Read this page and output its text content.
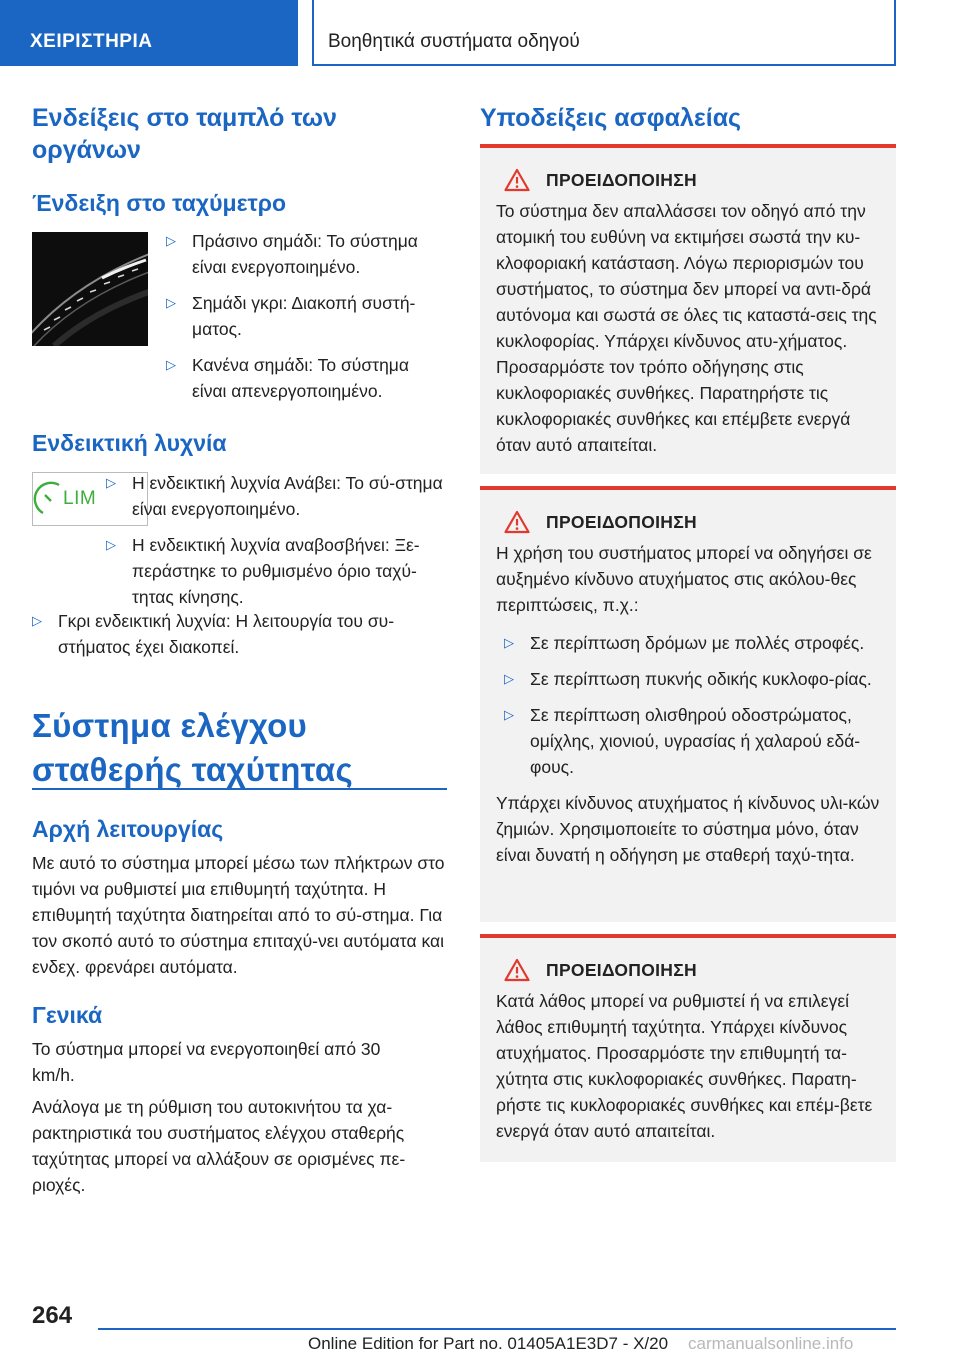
ΧΕΙΡΙΣΤΗΡΙΑ	Βοηθητικά συστήματα οδηγού
Ενδείξεις στο ταμπλό των οργάνων
Ένδειξη στο ταχύμετρο
▷ Πράσινο σημάδι: Το σύστημα είναι ενεργοποιημένο.
▷ Σημάδι γκρι: Διακοπή συστή-ματος.
▷ Κανένα σημάδι: Το σύστημα είναι απενεργοποιημένο.
Ενδεικτική λυχνία
LIM
▷ Η ενδεικτική λυχνία Ανάβει: Το σύ-στημα είναι ενεργοποιημένο.
▷ Η ενδεικτική λυχνία αναβοσβήνει: Ξε-περάστηκε το ρυθμισμένο όριο ταχύ-τητας κίνησης.
▷ Γκρι ενδεικτική λυχνία: Η λειτουργία του συ-στήματος έχει διακοπεί.
Σύστημα ελέγχου σταθερής ταχύτητας
Αρχή λειτουργίας

Με αυτό το σύστημα μπορεί μέσω των πλήκτρων στο τιμόνι να ρυθμιστεί μια επιθυμητή ταχύτητα. Η επιθυμητή ταχύτητα διατηρείται από το σύ-στημα. Για τον σκοπό αυτό το σύστημα επιταχύ-νει αυτόματα και ενδεχ. φρενάρει αυτόματα.

Γενικά

Το σύστημα μπορεί να ενεργοποιηθεί από 30 km/h.

Ανάλογα με τη ρύθμιση του αυτοκινήτου τα χα-ρακτηριστικά του συστήματος ελέγχου σταθερής ταχύτητας μπορεί να αλλάξουν σε ορισμένες πε-ριοχές.

Υποδείξεις ασφαλείας
ΠΡΟΕΙΔΟΠΟΙΗΣΗ

Το σύστημα δεν απαλλάσσει τον οδηγό από την ατομική του ευθύνη να εκτιμήσει σωστά την κυ-κλοφοριακή κατάσταση. Λόγω περιορισμών του συστήματος, το σύστημα δεν μπορεί να αντι-δρά αυτόνομα και σωστά σε όλες τις καταστά-σεις της κυκλοφορίας. Υπάρχει κίνδυνος ατυ-χήματος. Προσαρμόστε τον τρόπο οδήγησης στις κυκλοφοριακές συνθήκες. Παρατηρήστε τις κυκλοφοριακές συνθήκες και επέμβετε ενεργά όταν αυτό απαιτείται.

ΠΡΟΕΙΔΟΠΟΙΗΣΗ

Η χρήση του συστήματος μπορεί να οδηγήσει σε αυξημένο κίνδυνο ατυχήματος στις ακόλου-θες περιπτώσεις, π.χ.:

▷ Σε περίπτωση δρόμων με πολλές στροφές.
▷ Σε περίπτωση πυκνής οδικής κυκλοφο-ρίας.
▷ Σε περίπτωση ολισθηρού οδοστρώματος, ομίχλης, χιονιού, υγρασίας ή χαλαρού εδά-φους.

Υπάρχει κίνδυνος ατυχήματος ή κίνδυνος υλι-κών ζημιών. Χρησιμοποιείτε το σύστημα μόνο, όταν είναι δυνατή η οδήγηση με σταθερή ταχύ-τητα.

ΠΡΟΕΙΔΟΠΟΙΗΣΗ

Κατά λάθος μπορεί να ρυθμιστεί ή να επιλεγεί λάθος επιθυμητή ταχύτητα. Υπάρχει κίνδυνος ατυχήματος. Προσαρμόστε την επιθυμητή τα-χύτητα στις κυκλοφοριακές συνθήκες. Παρατη-ρήστε τις κυκλοφοριακές συνθήκες και επέμ-βετε ενεργά όταν αυτό απαιτείται.

264
Online Edition for Part no. 01405A1E3D7 - X/20 carmanualsonline.info
